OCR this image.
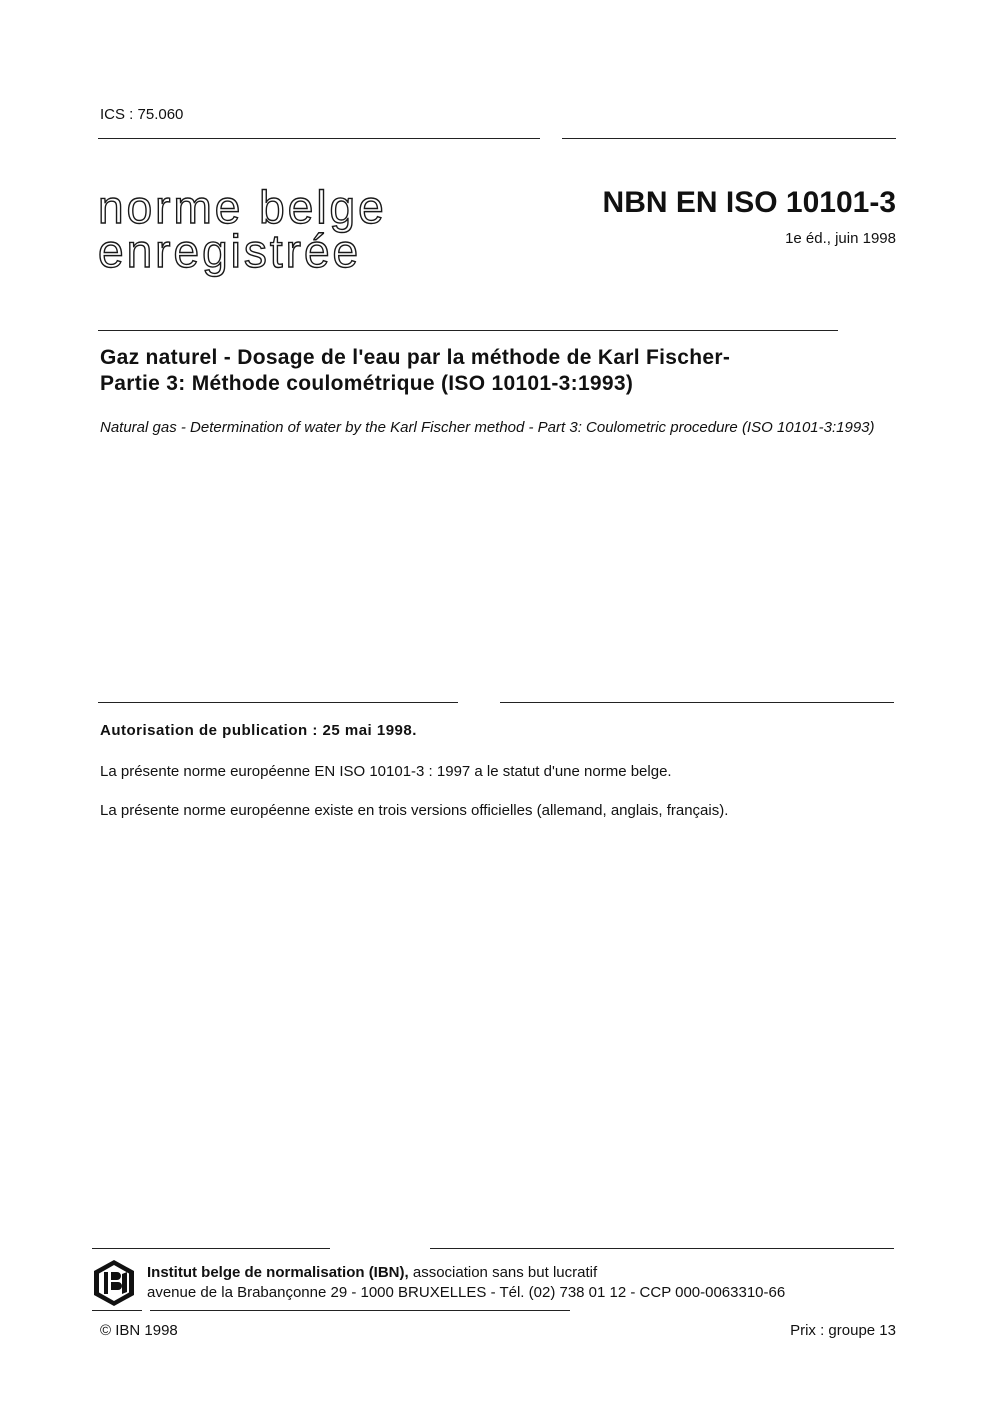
ICS : 75.060
norme belge
enregistrée
NBN EN ISO 10101-3
1e éd., juin 1998
Gaz naturel - Dosage de l'eau par la méthode de Karl Fischer-
Partie 3: Méthode coulométrique (ISO 10101-3:1993)
Natural gas - Determination of water by the Karl Fischer method - Part 3: Coulometric procedure (ISO 10101-3:1993)
Autorisation de publication : 25 mai 1998.
La présente norme européenne EN ISO 10101-3 : 1997 a le statut d'une norme belge.
La présente norme européenne existe en trois versions officielles (allemand, anglais, français).
Institut belge de normalisation (IBN), association sans but lucratif
avenue de la Brabançonne 29 - 1000 BRUXELLES - Tél. (02) 738 01 12 - CCP 000-0063310-66
© IBN 1998	Prix : groupe 13
